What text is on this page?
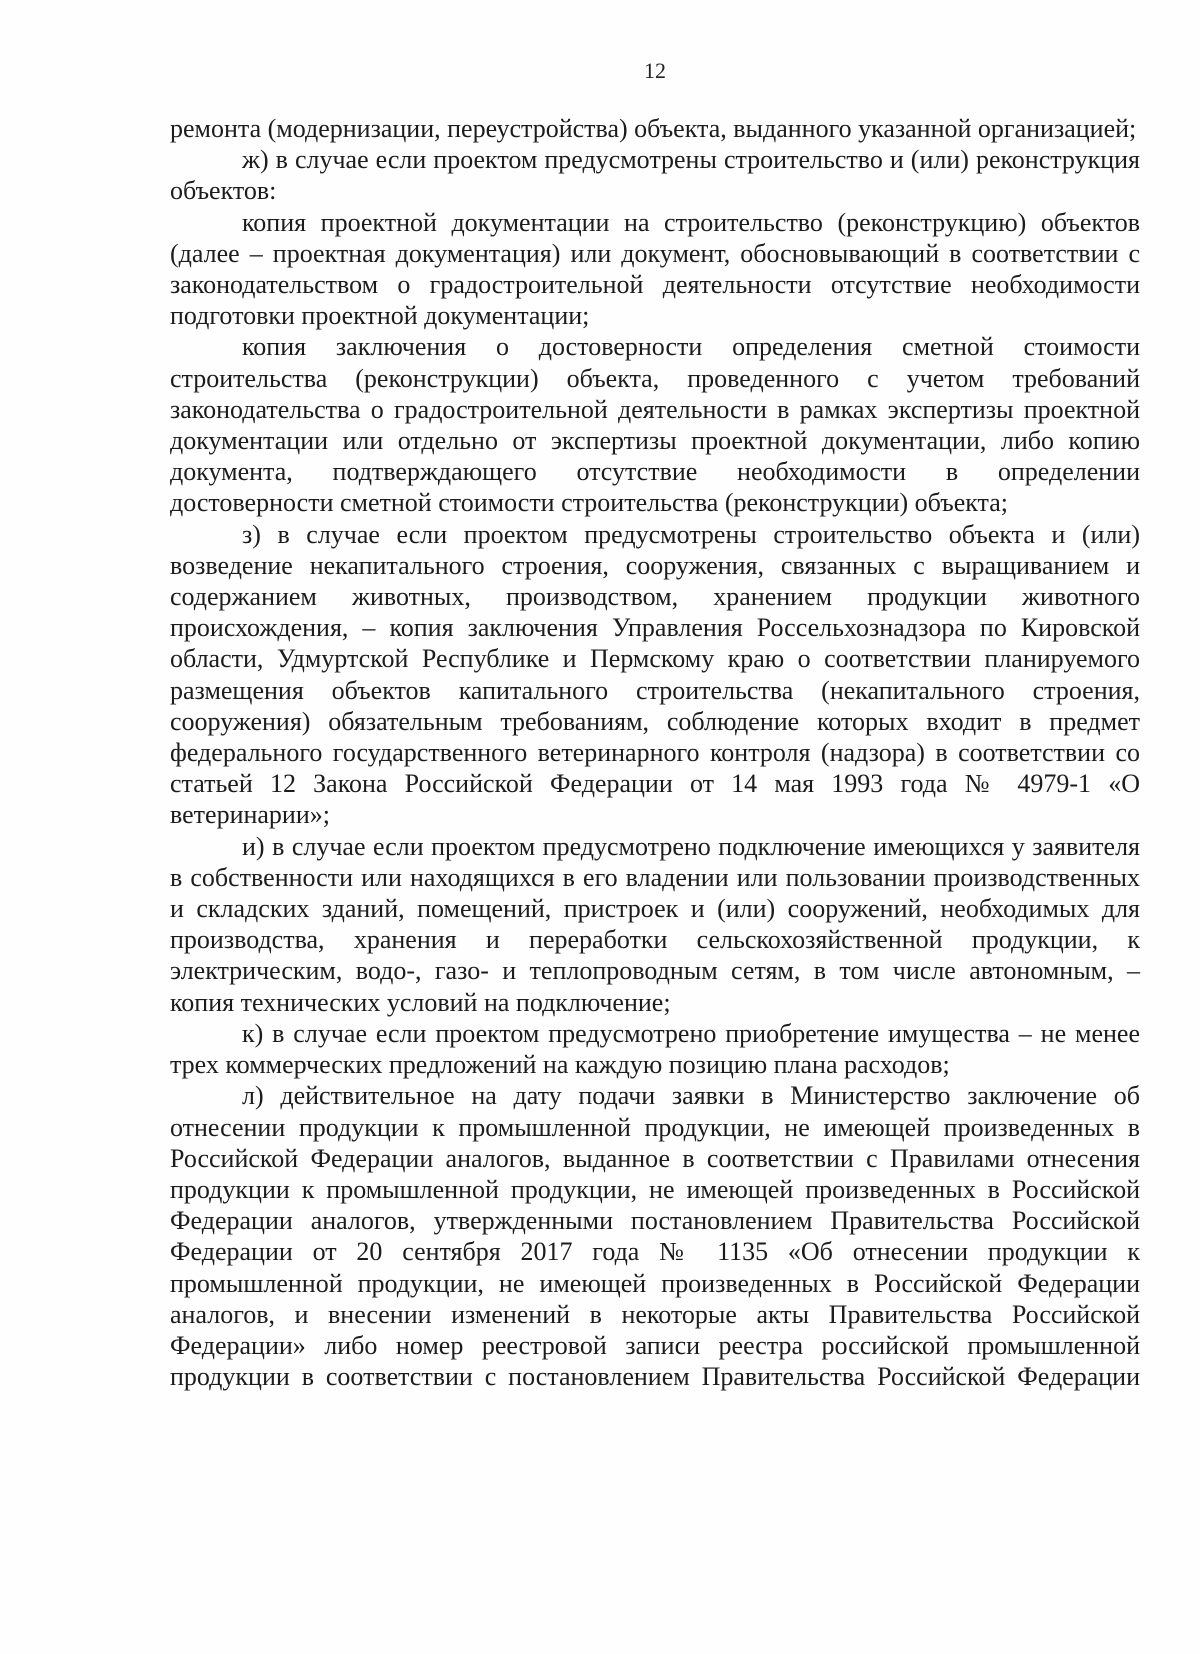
12

ремонта (модернизации, переустройства) объекта, выданного указанной организацией;

ж) в случае если проектом предусмотрены строительство и (или) реконструкция объектов:

копия проектной документации на строительство (реконструкцию) объектов (далее – проектная документация) или документ, обосновывающий в соответствии с законодательством о градостроительной деятельности отсутствие необходимости подготовки проектной документации;

копия заключения о достоверности определения сметной стоимости строительства (реконструкции) объекта, проведенного с учетом требований законодательства о градостроительной деятельности в рамках экспертизы проектной документации или отдельно от экспертизы проектной документации, либо копию документа, подтверждающего отсутствие необходимости в определении достоверности сметной стоимости строительства (реконструкции) объекта;

з) в случае если проектом предусмотрены строительство объекта и (или) возведение некапитального строения, сооружения, связанных с выращиванием и содержанием животных, производством, хранением продукции животного происхождения, – копия заключения Управления Россельхознадзора по Кировской области, Удмуртской Республике и Пермскому краю о соответствии планируемого размещения объектов капитального строительства (некапитального строения, сооружения) обязательным требованиям, соблюдение которых входит в предмет федерального государственного ветеринарного контроля (надзора) в соответствии со статьей 12 Закона Российской Федерации от 14 мая 1993 года № 4979-1 «О ветеринарии»;

и) в случае если проектом предусмотрено подключение имеющихся у заявителя в собственности или находящихся в его владении или пользовании производственных и складских зданий, помещений, пристроек и (или) сооружений, необходимых для производства, хранения и переработки сельскохозяйственной продукции, к электрическим, водо-, газо- и теплопроводным сетям, в том числе автономным, – копия технических условий на подключение;

к) в случае если проектом предусмотрено приобретение имущества – не менее трех коммерческих предложений на каждую позицию плана расходов;

л) действительное на дату подачи заявки в Министерство заключение об отнесении продукции к промышленной продукции, не имеющей произведенных в Российской Федерации аналогов, выданное в соответствии с Правилами отнесения продукции к промышленной продукции, не имеющей произведенных в Российской Федерации аналогов, утвержденными постановлением Правительства Российской Федерации от 20 сентября 2017 года № 1135 «Об отнесении продукции к промышленной продукции, не имеющей произведенных в Российской Федерации аналогов, и внесении изменений в некоторые акты Правительства Российской Федерации» либо номер реестровой записи реестра российской промышленной продукции в соответствии с постановлением Правительства Российской Федерации
